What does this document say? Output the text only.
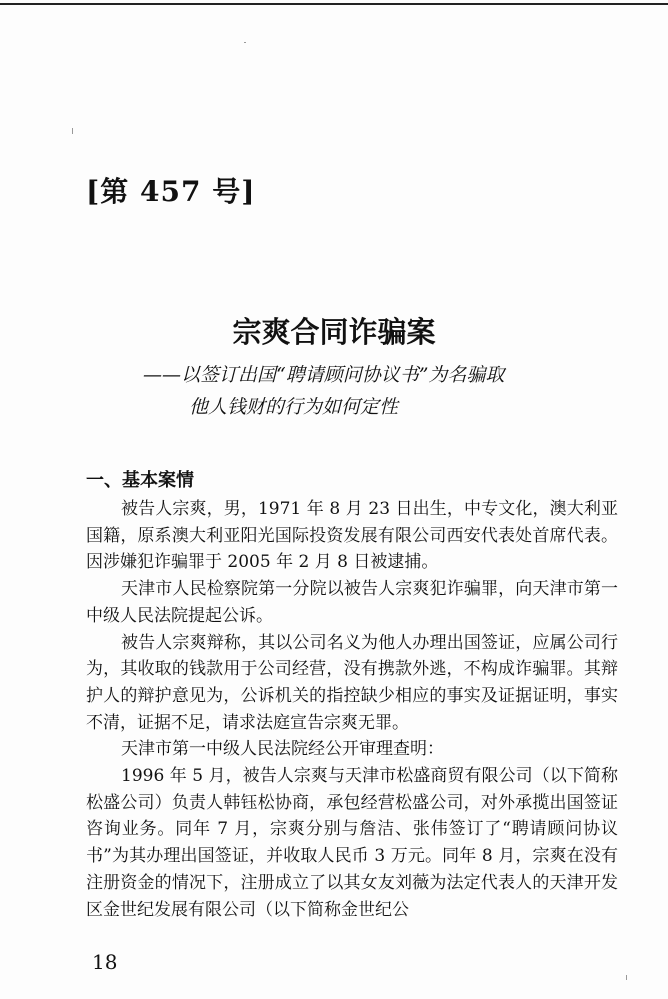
[第 457 号]
宗爽合同诈骗案
——以签订出国“聘请顾问协议书”为名骗取
他人钱财的行为如何定性
一、基本案情

被告人宗爽，男，1971 年 8 月 23 日出生，中专文化，澳大利亚国籍，原系澳大利亚阳光国际投资发展有限公司西安代表处首席代表。因涉嫌犯诈骗罪于 2005 年 2 月 8 日被逮捕。

天津市人民检察院第一分院以被告人宗爽犯诈骗罪，向天津市第一中级人民法院提起公诉。

被告人宗爽辩称，其以公司名义为他人办理出国签证，应属公司行为，其收取的钱款用于公司经营，没有携款外逃，不构成诈骗罪。其辩护人的辩护意见为，公诉机关的指控缺少相应的事实及证据证明，事实不清，证据不足，请求法庭宣告宗爽无罪。

天津市第一中级人民法院经公开审理查明：

1996 年 5 月，被告人宗爽与天津市松盛商贸有限公司（以下简称松盛公司）负责人韩钰松协商，承包经营松盛公司，对外承揽出国签证咨询业务。同年 7 月，宗爽分别与詹洁、张伟签订了“聘请顾问协议书”为其办理出国签证，并收取人民币 3 万元。同年 8 月，宗爽在没有注册资金的情况下，注册成立了以其女友刘薇为法定代表人的天津开发区金世纪发展有限公司（以下简称金世纪公

18
